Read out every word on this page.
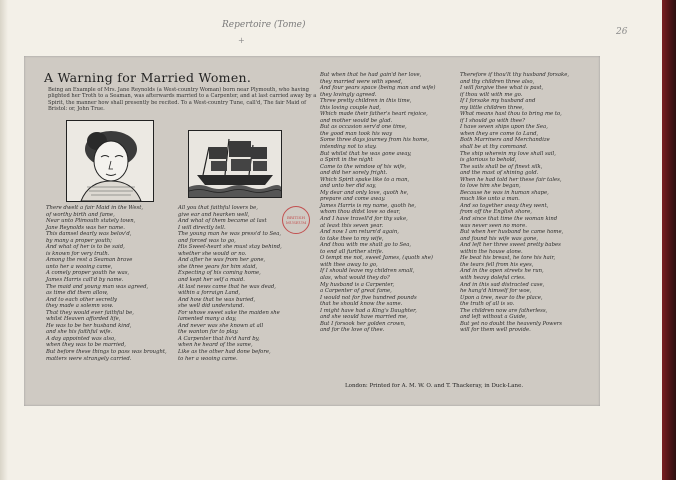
Repertoire (Tome)
+
26
A Warning for Married Women.
Being an Example of Mrs. Jane Reynolds (a West-country Woman) born near Plymouth, who having plighted her Troth to a Seaman, was afterwards married to a Carpenter, and at last carried away by a Spirit, the manner how shall presently be recited. To a West-country Tune, call'd, The fair Maid of Bristol: or, John True.
BRITISH MUSEUM
There dwelt a fair Maid in the West,
of worthy birth and fame,
Near unto Plimouth stately town,
Jane Reynolds was her name.
This damsel dearly was belov'd,
by many a proper youth;
And what of her is to be said,
is known for very truth.
Among the rest a Seaman brave
unto her a wooing came,
A comely proper youth he was,
James Harris call'd by name.
The maid and young man was agreed,
as time did them allow,
And to each other secretly
they made a solemn vow.
That they would ever faithful be,
whilst Heaven afforded life,
He was to be her husband kind,
and she his faithful wife.
A day appointed was also,
when they was to be married,
But before these things to pass was brought,
matters were strangely carried.
All you that faithful lovers be,
give ear and hearken well,
And what of them became at last
I will directly tell.
The young man he was press'd to Sea,
and forced was to go,
His Sweet-heart she must stay behind,
whether she would or no.
And after he was from her gone,
she three years for him staid,
Expecting of his coming home,
and kept her self a maid.
At last news came that he was dead,
within a forraign Land,
And how that he was buried,
she well did understand.
For whose sweet sake the maiden she
lamented many a day,
And never was she known at all
the wanton for to play.
A Carpenter that liv'd hard by,
when he heard of the same,
Like as the other had done before,
to her a wooing came.
But when that he had gain'd her love,
they married were with speed,
And four years space (being man and wife)
they lovingly agreed.
Three pretty children in this time,
this loving couple had,
Which made their father's heart rejoice,
and mother would be glad.
But as occasion serv'd one time,
the good man took his way
Some three days journey from his home,
intending not to stay.
But whilst that he was gone away,
a Spirit in the night
Came to the window of his wife,
and did her sorely fright.
Which Spirit spake like to a man,
and unto her did say,
My dear and only love, quoth he,
prepare and come away.
James Harris is my name, quoth he,
whom thou didst love so dear,
And I have travell'd for thy sake,
at least this seven year.
And now I am return'd again,
to take thee to my wife,
And thou with me shalt go to Sea,
to end all further strife.
O tempt me not, sweet James, (quoth she)
with thee away to go,
If I should leave my children small,
alas, what would they do?
My husband is a Carpenter,
a Carpenter of great fame,
I would not for five hundred pounds
that he should know the same.
I might have had a King's Daughter,
and she would have married me,
But I forsook her golden crown,
and for the love of thee.
Therefore if thou'lt thy husband forsake,
and thy children three also,
I will forgive thee what is past,
if thou wilt with me go.
If I forsake my husband and
my little children three,
What means hast thou to bring me to,
if I should go with thee?
I have seven ships upon the Sea,
when they are come to Land,
Both Marriners and Merchandize
shall be at thy command.
The ship wherein my love shall sail,
is glorious to behold,
The sails shall be of finest silk,
and the mast of shining gold.
When he had told her these fair tales,
to love him she began,
Because he was in human shape,
much like unto a man.
And so together away they went,
from off the English shore,
And since that time the woman kind
was never seen no more.
But when her husband he came home,
and found his wife was gone,
And left her three sweet pretty babes
within the house alone.
He beat his breast, he tore his hair,
the tears fell from his eyes,
And in the open streets he run,
with heavy doleful cries.
And in this sad distracted case,
he hang'd himself for woe,
Upon a tree, near to the place,
the truth of all is so.
The children now are fatherless,
and left without a Guide,
But yet no doubt the heavenly Powers
will for them well provide.
London: Printed for A. M. W. O. and T. Thackeray, in Duck-Lane.
